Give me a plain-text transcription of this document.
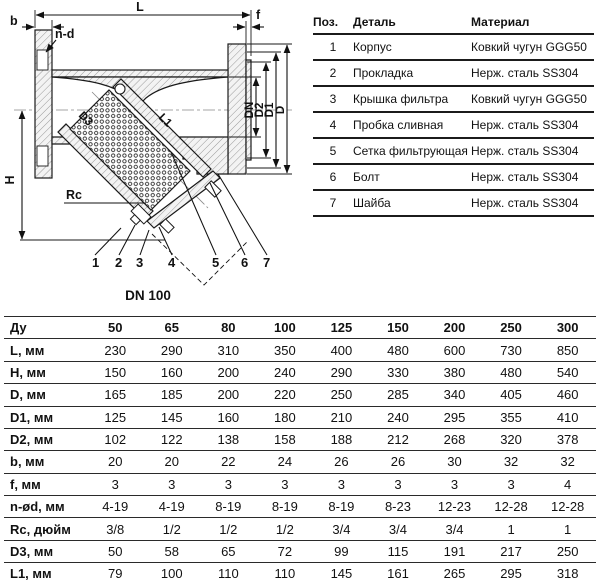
L
f
b
n-d
H
DN
D2
D1 D
D3	L1
Rc
1 2 3 4	5 6 7
DN 100
Поз.	Деталь	Материал
1	Корпус	Ковкий чугун GGG50
2	Прокладка	Нерж. сталь SS304
3	Крышка фильтра	Ковкий чугун GGG50
4	Пробка сливная	Нерж. сталь SS304
5	Сетка фильтрующая	Нерж. сталь SS304
6	Болт	Нерж. сталь SS304
7	Шайба	Нерж. сталь SS304
Ду	50	65	80	100	125	150	200	250	300
L, мм	230	290	310	350	400	480	600	730	850
H, мм	150	160	200	240	290	330	380	480	540
D, мм	165	185	200	220	250	285	340	405	460
D1, мм	125	145	160	180	210	240	295	355	410
D2, мм	102	122	138	158	188	212	268	320	378
b, мм	20	20	22	24	26	26	30	32	32
f, мм	3	3	3	3	3	3	3	3	4
n-ød, мм	4-19	4-19	8-19	8-19	8-19	8-23	12-23	12-28	12-28
Rc, дюйм	3/8	1/2	1/2	1/2	3/4	3/4	3/4	1	1
D3, мм	50	58	65	72	99	115	191	217	250
L1, мм	79	100	110	110	145	161	265	295	318
